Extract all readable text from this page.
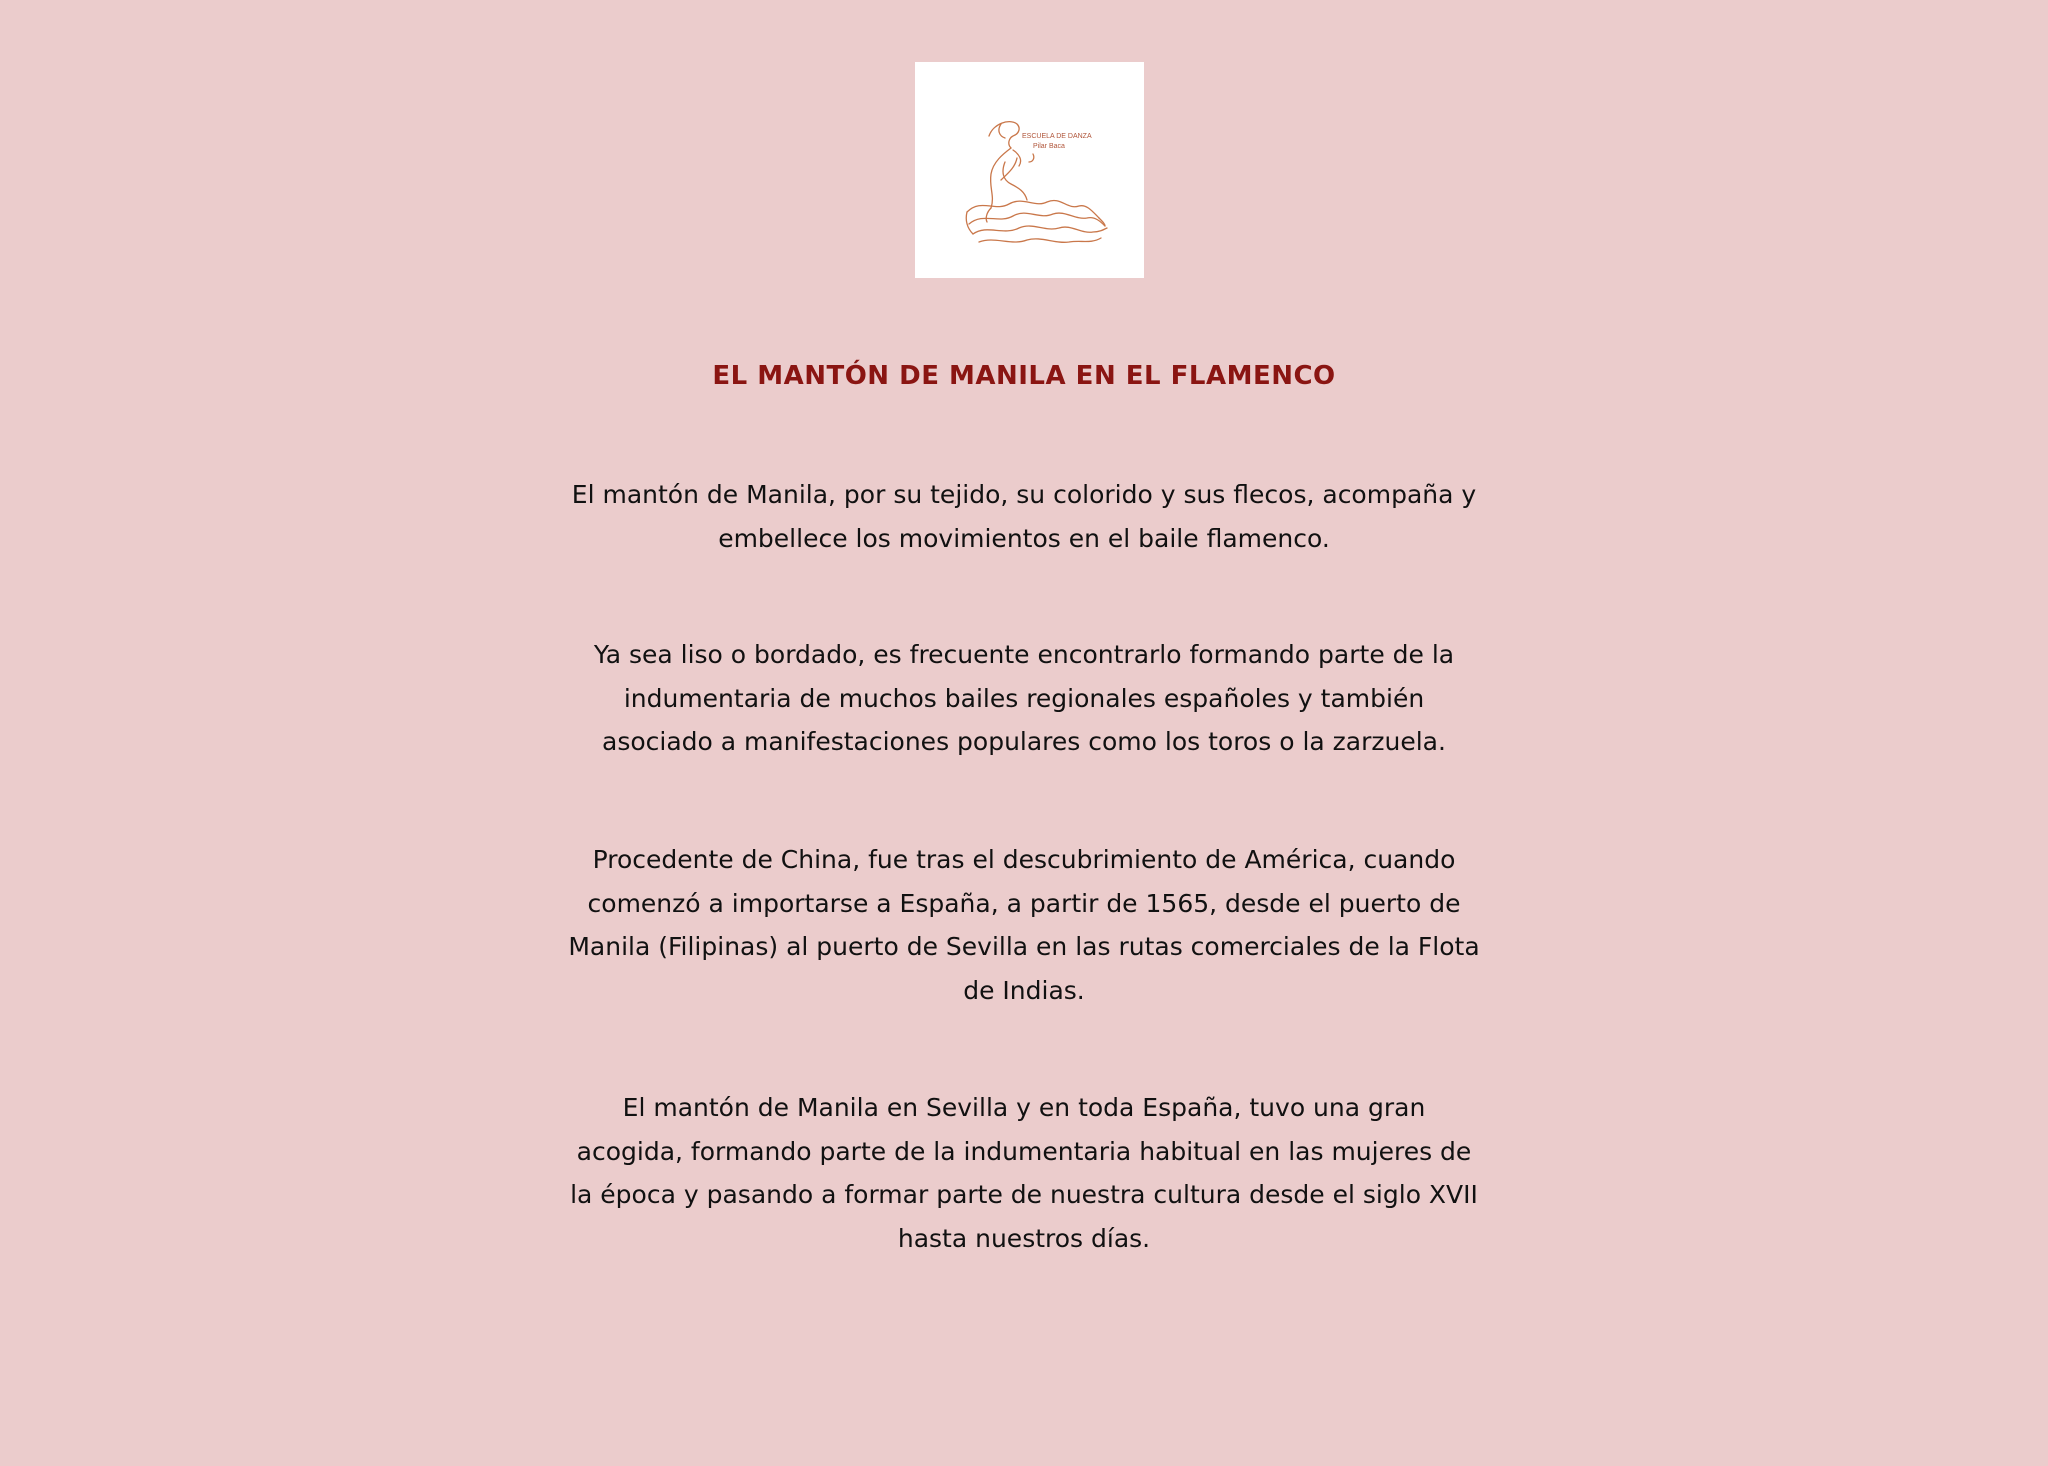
ESCUELA DE DANZA
Pilar Baca
EL MANTÓN DE MANILA EN EL FLAMENCO

El mantón de Manila, por su tejido, su colorido y sus flecos, acompaña y embellece los movimientos en el baile flamenco.

Ya sea liso o bordado, es frecuente encontrarlo formando parte de la indumentaria de muchos bailes regionales españoles y también asociado a manifestaciones populares como los toros o la zarzuela.

Procedente de China, fue tras el descubrimiento de América, cuando comenzó a importarse a España, a partir de 1565, desde el puerto de Manila (Filipinas) al puerto de Sevilla en las rutas comerciales de la Flota de Indias.

El mantón de Manila en Sevilla y en toda España, tuvo una gran acogida, formando parte de la indumentaria habitual en las mujeres de la época y pasando a formar parte de nuestra cultura desde el siglo XVII hasta nuestros días.
